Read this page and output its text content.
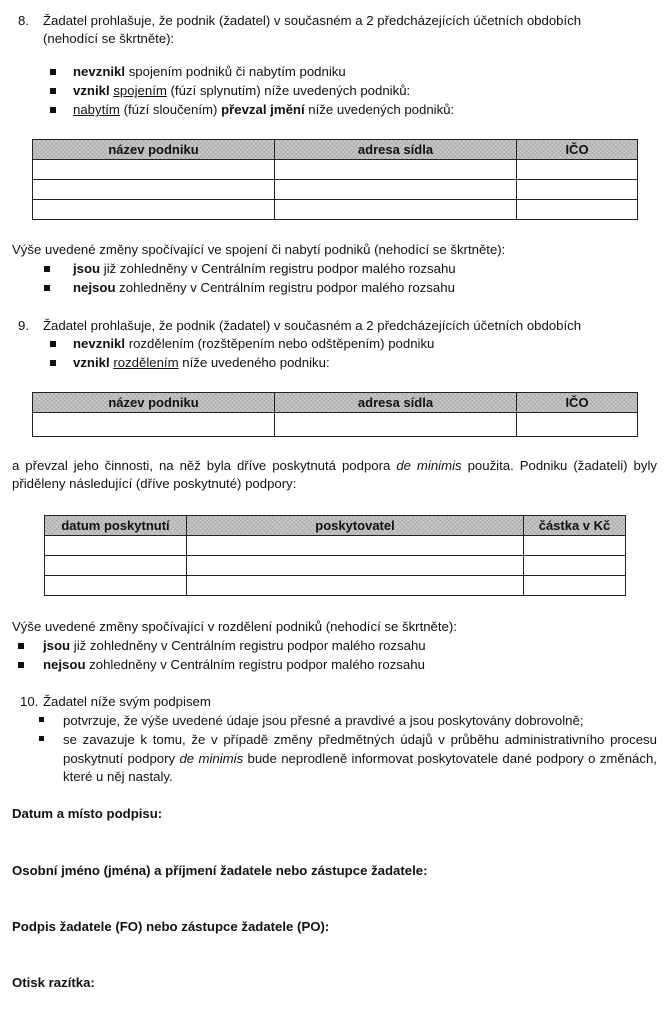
8. Žadatel prohlašuje, že podnik (žadatel) v současném a 2 předcházejících účetních obdobích
(nehodící se škrtněte):
nevznikl spojením podniků či nabytím podniku
vznikl spojením (fúzí splynutím) níže uvedených podniků:
nabytím (fúzí sloučením) převzal jmění níže uvedených podniků:
název podniku	adresa sídla	IČO

Výše uvedené změny spočívající ve spojení či nabytí podniků (nehodící se škrtněte):
jsou již zohledněny v Centrálním registru podpor malého rozsahu
nejsou zohledněny v Centrálním registru podpor malého rozsahu
9. Žadatel prohlašuje, že podnik (žadatel) v současném a 2 předcházejících účetních obdobích
nevznikl rozdělením (rozštěpením nebo odštěpením) podniku
vznikl rozdělením níže uvedeného podniku:
název podniku	adresa sídla	IČO

a převzal jeho činnosti, na něž byla dříve poskytnutá podpora de minimis použita. Podniku (žadateli) byly přiděleny následující (dříve poskytnuté) podpory:
datum poskytnutí	poskytovatel	částka v Kč

Výše uvedené změny spočívající v rozdělení podniků (nehodící se škrtněte):
jsou již zohledněny v Centrálním registru podpor malého rozsahu
nejsou zohledněny v Centrálním registru podpor malého rozsahu
10. Žadatel níže svým podpisem
potvrzuje, že výše uvedené údaje jsou přesné a pravdivé a jsou poskytovány dobrovolně;
se zavazuje k tomu, že v případě změny předmětných údajů v průběhu administrativního procesu poskytnutí podpory de minimis bude neprodleně informovat poskytovatele dané podpory o změnách, které u něj nastaly.
Datum a místo podpisu:
Osobní jméno (jména) a příjmení žadatele nebo zástupce žadatele:
Podpis žadatele (FO) nebo zástupce žadatele (PO):
Otisk razítka:
